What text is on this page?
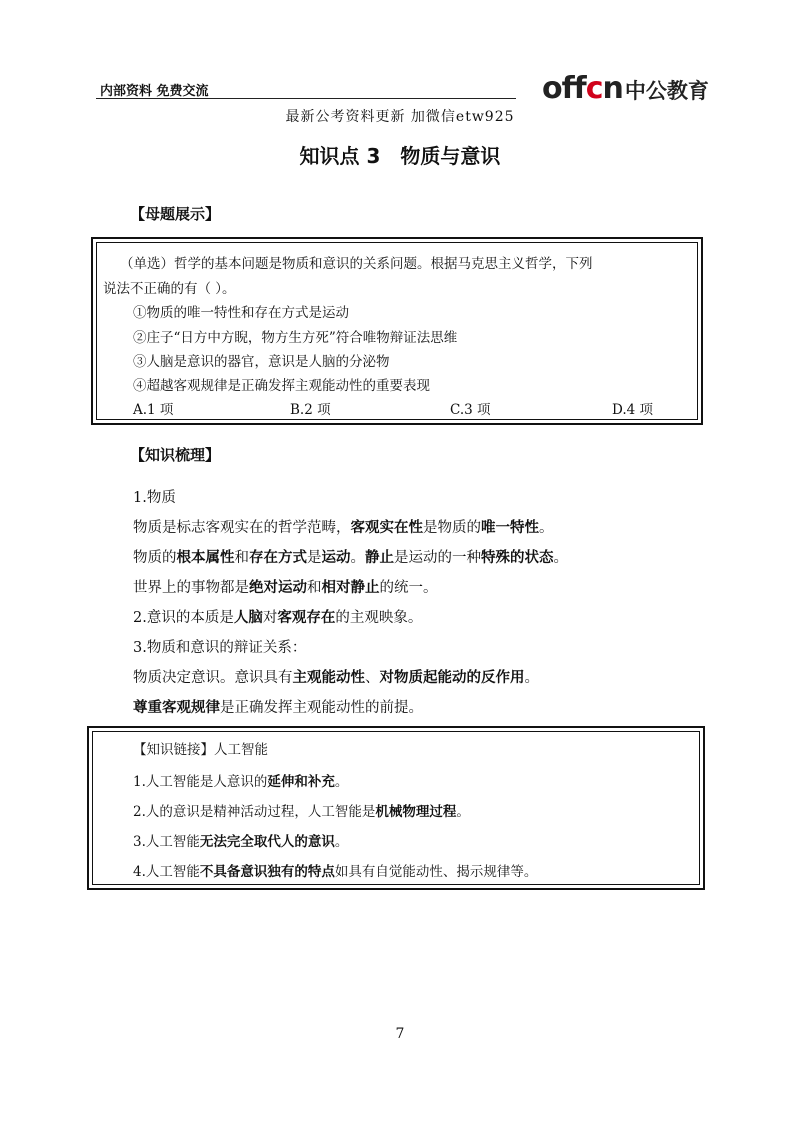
内部资料 免费交流	offcn 中公教育
最新公考资料更新 加微信etw925
知识点 3　物质与意识
【母题展示】
（单选）哲学的基本问题是物质和意识的关系问题。根据马克思主义哲学，下列
说法不正确的有（ ）。
①物质的唯一特性和存在方式是运动
②庄子“日方中方睨，物方生方死”符合唯物辩证法思维
③人脑是意识的器官，意识是人脑的分泌物
④超越客观规律是正确发挥主观能动性的重要表现
A.1 项	B.2 项	C.3 项	D.4 项
【知识梳理】
1.物质
物质是标志客观实在的哲学范畴，客观实在性是物质的唯一特性。
物质的根本属性和存在方式是运动。静止是运动的一种特殊的状态。
世界上的事物都是绝对运动和相对静止的统一。
2.意识的本质是人脑对客观存在的主观映象。
3.物质和意识的辩证关系：
物质决定意识。意识具有主观能动性、对物质起能动的反作用。
尊重客观规律是正确发挥主观能动性的前提。
【知识链接】人工智能
1.人工智能是人意识的延伸和补充。
2.人的意识是精神活动过程，人工智能是机械物理过程。
3.人工智能无法完全取代人的意识。
4.人工智能不具备意识独有的特点如具有自觉能动性、揭示规律等。
7
